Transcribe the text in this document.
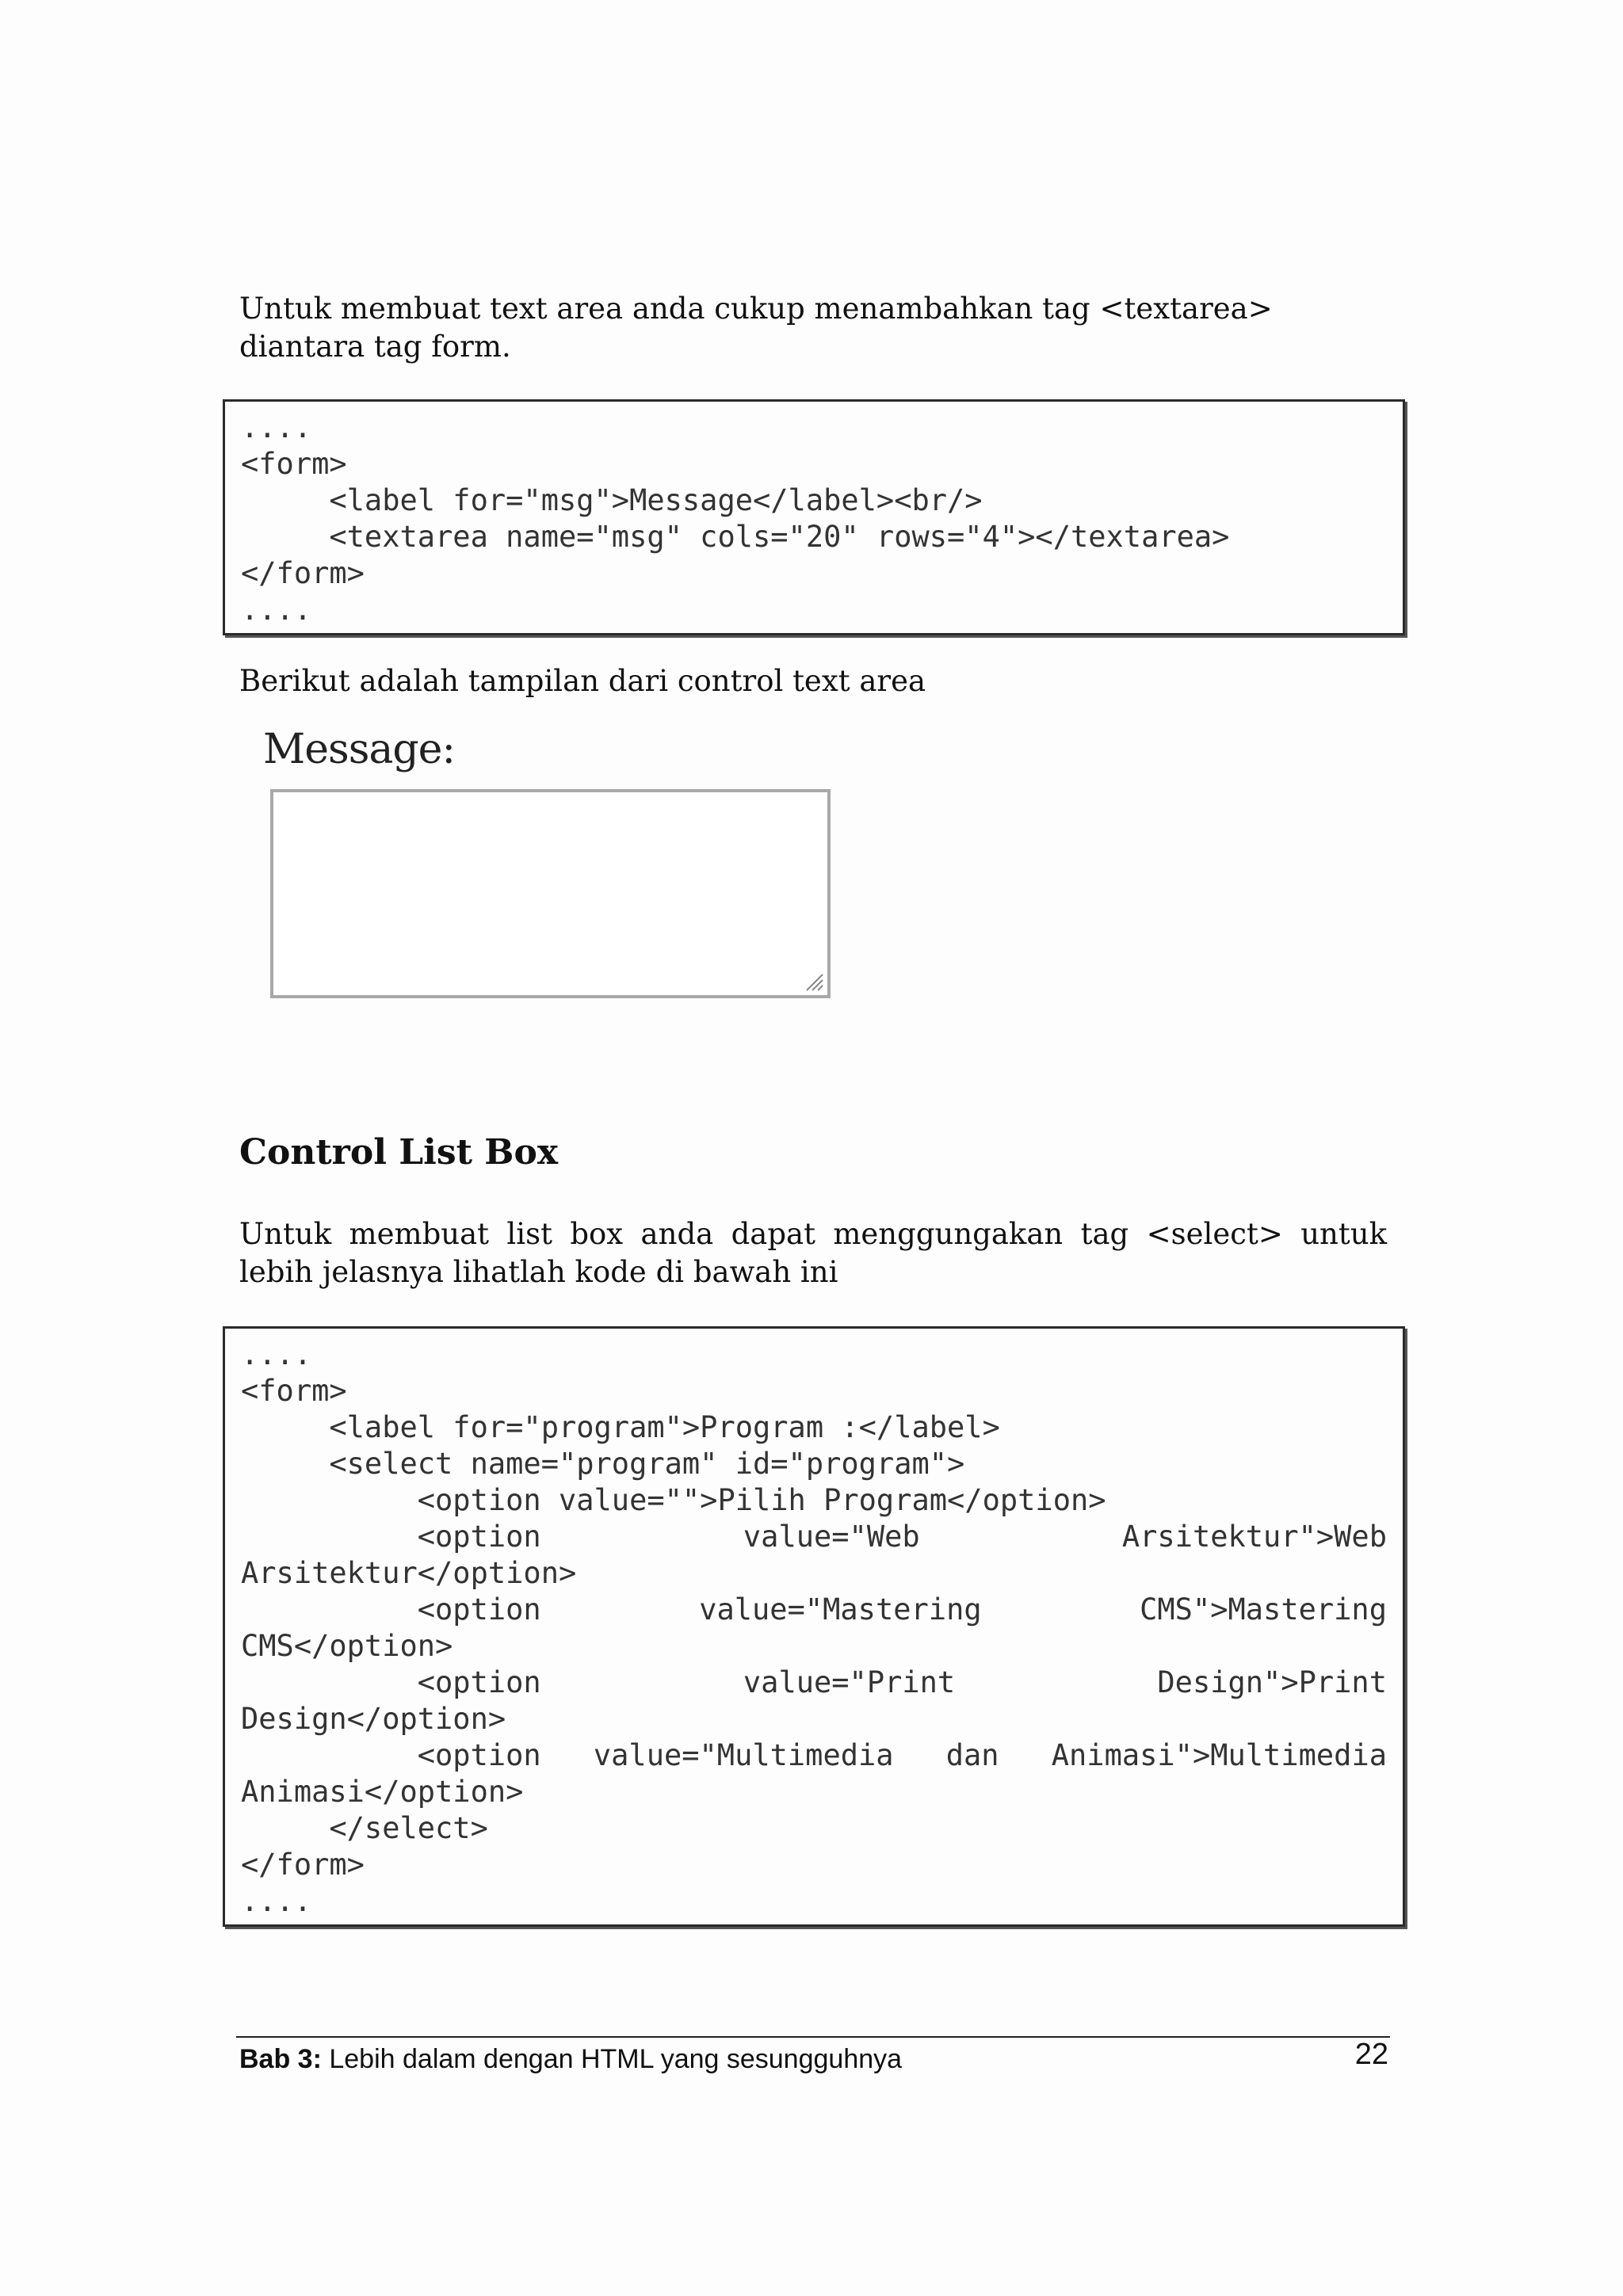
Untuk membuat text area anda cukup menambahkan tag <textarea> diantara tag form.

....
<form>
<label for="msg">Message</label><br/>
<textarea name="msg" cols="20" rows="4"></textarea>
</form>
....

Berikut adalah tampilan dari control text area

Message:
Control List Box

Untuk membuat list box anda dapat menggungakan tag <select> untuk lebih jelasnya lihatlah kode di bawah ini

....
<form>
<label for="program">Program :</label>
<select name="program" id="program">
<option value="">Pilih Program</option>
<option	value="Web	Arsitektur">Web
Arsitektur</option>
<option	value="Mastering	CMS">Mastering
CMS</option>
<option	value="Print	Design">Print
Design</option>
<option value="Multimedia dan Animasi">Multimedia
Animasi</option>
</select>
</form>
....
Bab 3: Lebih dalam dengan HTML yang sesungguhnya	22
